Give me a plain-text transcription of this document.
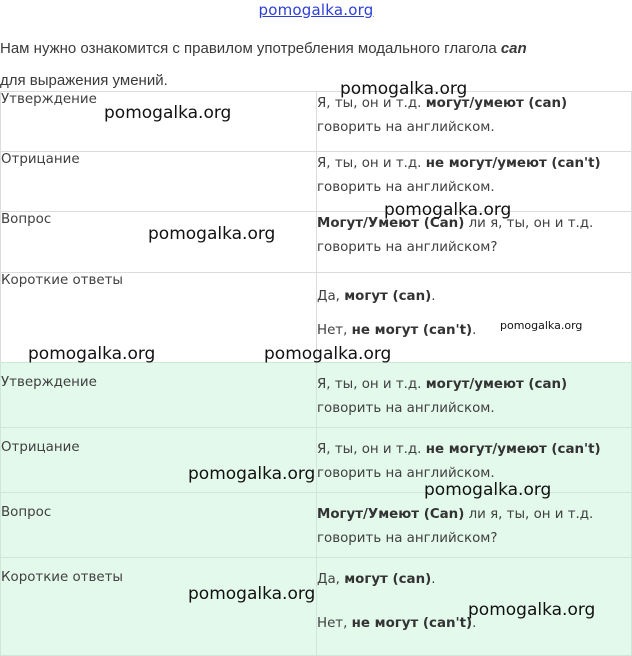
pomogalka.org
Нам нужно ознакомится с правилом употребления модального глагола can
для выражения умений.
Утверждение	Я, ты, он и т.д. могут/умеют (can) говорить на английском.
Отрицание	Я, ты, он и т.д. не могут/умеют (can't) говорить на английском.
Вопрос	Могут/Умеют (Can) ли я, ты, он и т.д. говорить на английском?
Короткие ответы	Да, могут (can).
Нет, не могут (can't).
Утверждение	Я, ты, он и т.д. могут/умеют (can) говорить на английском.
Отрицание	Я, ты, он и т.д. не могут/умеют (can't) говорить на английском.
Вопрос	Могут/Умеют (Can) ли я, ты, он и т.д. говорить на английском?
Короткие ответы	Да, могут (can).
Нет, не могут (can't).
pomogalka.org
pomogalka.org
pomogalka.org
pomogalka.org
pomogalka.org
pomogalka.org	pomogalka.org
pomogalka.org
pomogalka.org
pomogalka.org
pomogalka.org
